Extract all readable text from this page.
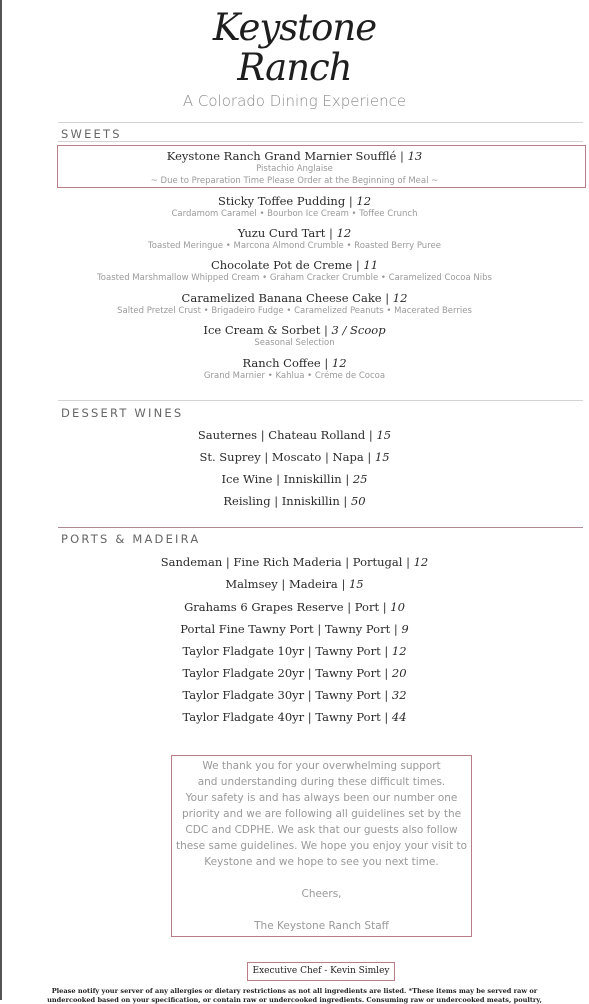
Keystone
Ranch
A Colorado Dining Experience
SWEETS
Keystone Ranch Grand Marnier Soufflé | 13
Pistachio Anglaise
~ Due to Preparation Time Please Order at the Beginning of Meal ~
Sticky Toffee Pudding | 12
Cardamom Caramel • Bourbon Ice Cream • Toffee Crunch
Yuzu Curd Tart | 12
Toasted Meringue • Marcona Almond Crumble • Roasted Berry Puree
Chocolate Pot de Creme | 11
Toasted Marshmallow Whipped Cream • Graham Cracker Crumble • Caramelized Cocoa Nibs
Caramelized Banana Cheese Cake | 12
Salted Pretzel Crust • Brigadeiro Fudge • Caramelized Peanuts • Macerated Berries
Ice Cream & Sorbet | 3 / Scoop
Seasonal Selection
Ranch Coffee | 12
Grand Marnier • Kahlua • Créme de Cocoa
DESSERT WINES
Sauternes | Chateau Rolland | 15
St. Suprey | Moscato | Napa | 15
Ice Wine | Inniskillin | 25
Reisling | Inniskillin | 50
PORTS & MADEIRA
Sandeman | Fine Rich Maderia | Portugal | 12
Malmsey | Madeira | 15
Grahams 6 Grapes Reserve | Port | 10
Portal Fine Tawny Port | Tawny Port | 9
Taylor Fladgate 10yr | Tawny Port | 12
Taylor Fladgate 20yr | Tawny Port | 20
Taylor Fladgate 30yr | Tawny Port | 32
Taylor Fladgate 40yr | Tawny Port | 44
We thank you for your overwhelming support
and understanding during these difficult times.
Your safety is and has always been our number one
priority and we are following all guidelines set by the
CDC and CDPHE. We ask that our guests also follow
these same guidelines. We hope you enjoy your visit to
Keystone and we hope to see you next time.
Cheers,
The Keystone Ranch Staff
Executive Chef - Kevin Simley
Please notify your server of any allergies or dietary restrictions as not all ingredients are listed. *These items may be served raw or
undercooked based on your specification, or contain raw or undercooked ingredients. Consuming raw or undercooked meats, poultry,
